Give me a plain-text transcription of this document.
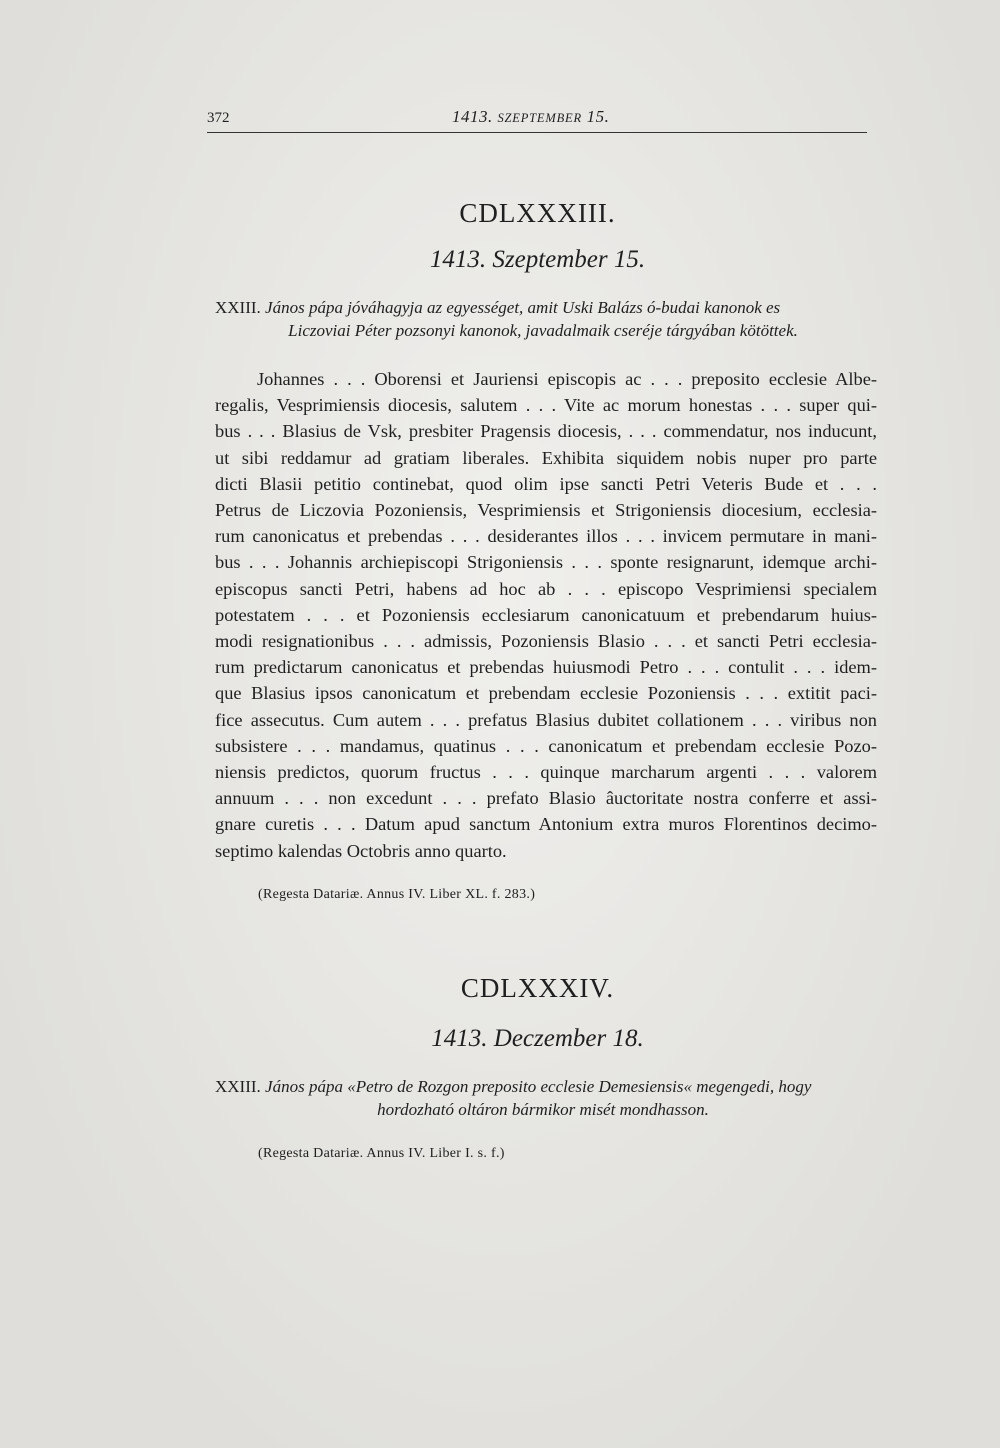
372	1413. SZEPTEMBER 15.
CDLXXXIII.
1413. Szeptember 15.
XXIII. János pápa jóváhagyja az egyességet, amit Uski Balázs ó-budai kanonok es
Liczoviai Péter pozsonyi kanonok, javadalmaik cseréje tárgyában kötöttek.
Johannes . . . Oborensi et Jauriensi episcopis ac . . . preposito ecclesie Albe-
regalis, Vesprimiensis diocesis, salutem . . . Vite ac morum honestas . . . super qui-
bus . . . Blasius de Vsk, presbiter Pragensis diocesis, . . . commendatur, nos inducunt,
ut sibi reddamur ad gratiam liberales. Exhibita siquidem nobis nuper pro parte
dicti Blasii petitio continebat, quod olim ipse sancti Petri Veteris Bude et . . .
Petrus de Liczovia Pozoniensis, Vesprimiensis et Strigoniensis diocesium, ecclesia-
rum canonicatus et prebendas . . . desiderantes illos . . . invicem permutare in mani-
bus . . . Johannis archiepiscopi Strigoniensis . . . sponte resignarunt, idemque archi-
episcopus sancti Petri, habens ad hoc ab . . . episcopo Vesprimiensi specialem
potestatem . . . et Pozoniensis ecclesiarum canonicatuum et prebendarum huius-
modi resignationibus . . . admissis, Pozoniensis Blasio . . . et sancti Petri ecclesia-
rum predictarum canonicatus et prebendas huiusmodi Petro . . . contulit . . . idem-
que Blasius ipsos canonicatum et prebendam ecclesie Pozoniensis . . . extitit paci-
fice assecutus. Cum autem . . . prefatus Blasius dubitet collationem . . . viribus non
subsistere . . . mandamus, quatinus . . . canonicatum et prebendam ecclesie Pozo-
niensis predictos, quorum fructus . . . quinque marcharum argenti . . . valorem
annuum . . . non excedunt . . . prefato Blasio âuctoritate nostra conferre et assi-
gnare curetis . . . Datum apud sanctum Antonium extra muros Florentinos decimo-
septimo kalendas Octobris anno quarto.
(Regesta Datariæ. Annus IV. Liber XL. f. 283.)
CDLXXXIV.
1413. Deczember 18.
XXIII. János pápa «Petro de Rozgon preposito ecclesie Demesiensis« megengedi, hogy
hordozható oltáron bármikor misét mondhasson.
(Regesta Datariæ. Annus IV. Liber I. s. f.)
